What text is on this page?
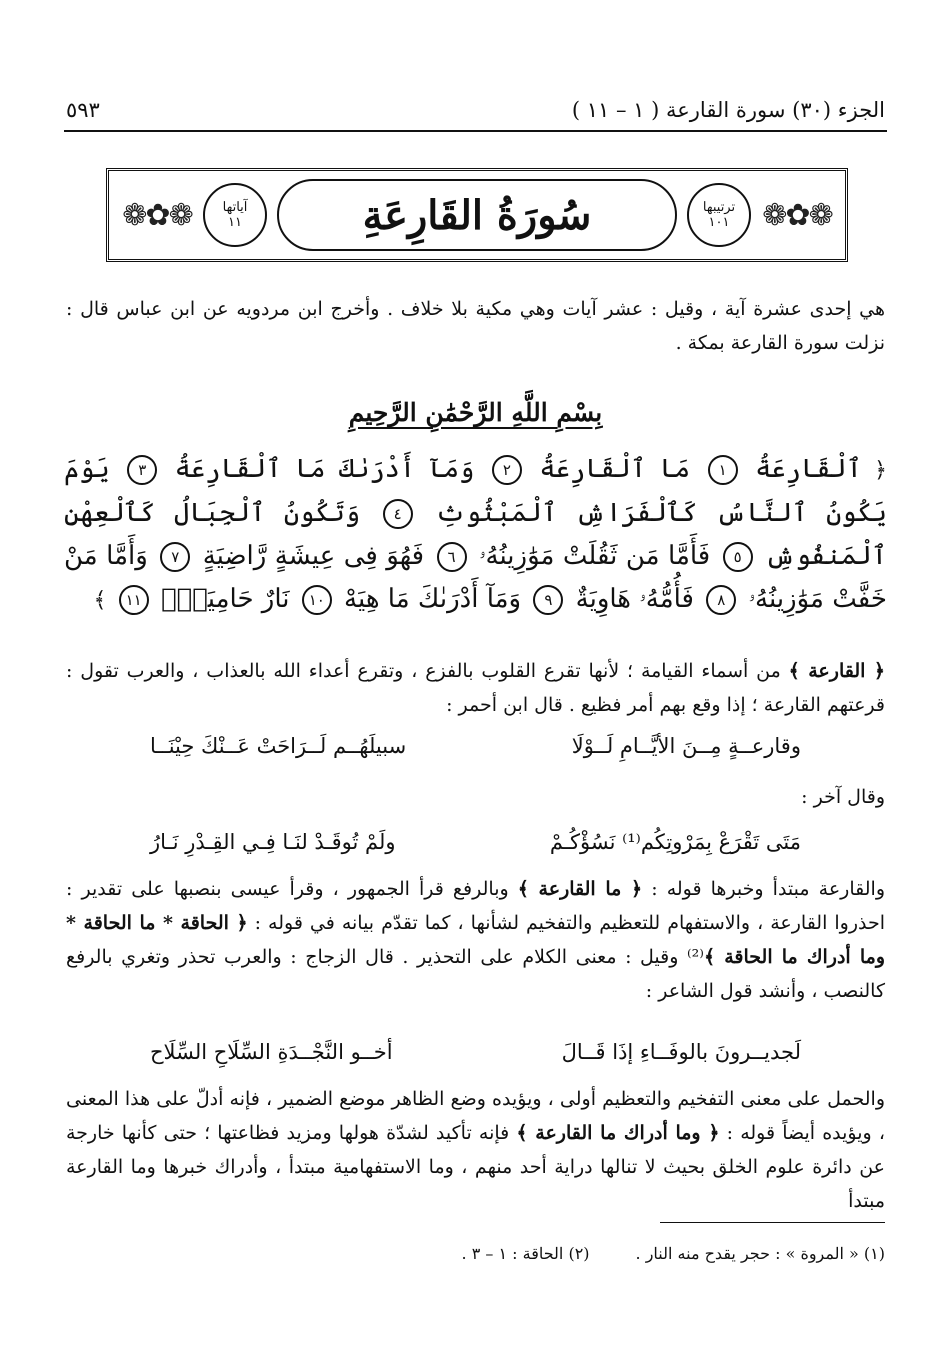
الجزء (٣٠) سورة القارعة ( ١ – ١١ )
٥٩٣
❁✿❁
ترتيبها
١٠١
سُورَةُ القَارِعَةِ
آياتها
١١
❁✿❁
هي إحدى عشرة آية ، وقيل : عشر آيات وهي مكية بلا خلاف . وأخرج ابن مردويه عن ابن عباس قال : نزلت سورة القارعة بمكة .
بِسْمِ اللَّهِ الرَّحْمَٰنِ الرَّحِيمِ
﴿ ٱلْقَارِعَةُ ١ مَا ٱلْقَارِعَةُ ٢ وَمَآ أَدْرَىٰكَ مَا ٱلْقَارِعَةُ ٣ يَوْمَ يَكُونُ ٱلنَّاسُ كَٱلْفَرَاشِ ٱلْمَبْثُوثِ ٤ وَتَكُونُ ٱلْجِبَالُ كَٱلْعِهْنِ ٱلْمَنفُوشِ ٥ فَأَمَّا مَن ثَقُلَتْ مَوَٰزِينُهُۥ ٦ فَهُوَ فِى عِيشَةٍ رَّاضِيَةٍ ٧ وَأَمَّا مَنْ خَفَّتْ مَوَٰزِينُهُۥ ٨ فَأُمُّهُۥ هَاوِيَةٌ ٩ وَمَآ أَدْرَىٰكَ مَا هِيَهْ ١٠ نَارٌ حَامِيَةٌۢ ١١ ﴾
﴿ القارعة ﴾ من أسماء القيامة ؛ لأنها تقرع القلوب بالفزع ، وتقرع أعداء الله بالعذاب ، والعرب تقول : قرعتهم القارعة ؛ إذا وقع بهم أمر فظيع . قال ابن أحمر :
وقارعــةٍ مِــنَ الأيَّــامِ لَــوْلَا
سبيلَهُــم لَــرَاحَتْ عَــنْكَ حِيْنَــا
وقال آخر :
مَتَى تَقْرَعْ بِمَرْوتِكُم⁽¹⁾ نَسُؤْكُـمْ
ولَمْ تُوقَـدْ لنَـا فِـي القِـدْرِ نَـارُ
والقارعة مبتدأ وخبرها قوله : ﴿ ما القارعة ﴾ وبالرفع قرأ الجمهور ، وقرأ عيسى بنصبها على تقدير : احذروا القارعة ، والاستفهام للتعظيم والتفخيم لشأنها ، كما تقدّم بيانه في قوله : ﴿ الحاقة * ما الحاقة * وما أدراك ما الحاقة ﴾⁽²⁾ وقيل : معنى الكلام على التحذير . قال الزجاج : والعرب تحذر وتغري بالرفع كالنصب ، وأنشد قول الشاعر :
لَجديــرونَ بالوفَــاءِ إذَا قَــالَ
أخــو النَّجْــدَةِ السِّلَاحِ السِّلَاح
والحمل على معنى التفخيم والتعظيم أولى ، ويؤيده وضع الظاهر موضع الضمير ، فإنه أدلّ على هذا المعنى ، ويؤيده أيضاً قوله : ﴿ وما أدراك ما القارعة ﴾ فإنه تأكيد لشدّة هولها ومزيد فظاعتها ؛ حتى كأنها خارجة عن دائرة علوم الخلق بحيث لا تنالها دراية أحد منهم ، وما الاستفهامية مبتدأ ، وأدراك خبرها وما القارعة مبتدأ
(١) « المروة » : حجر يقدح منه النار .
(٢) الحاقة : ١ – ٣ .
